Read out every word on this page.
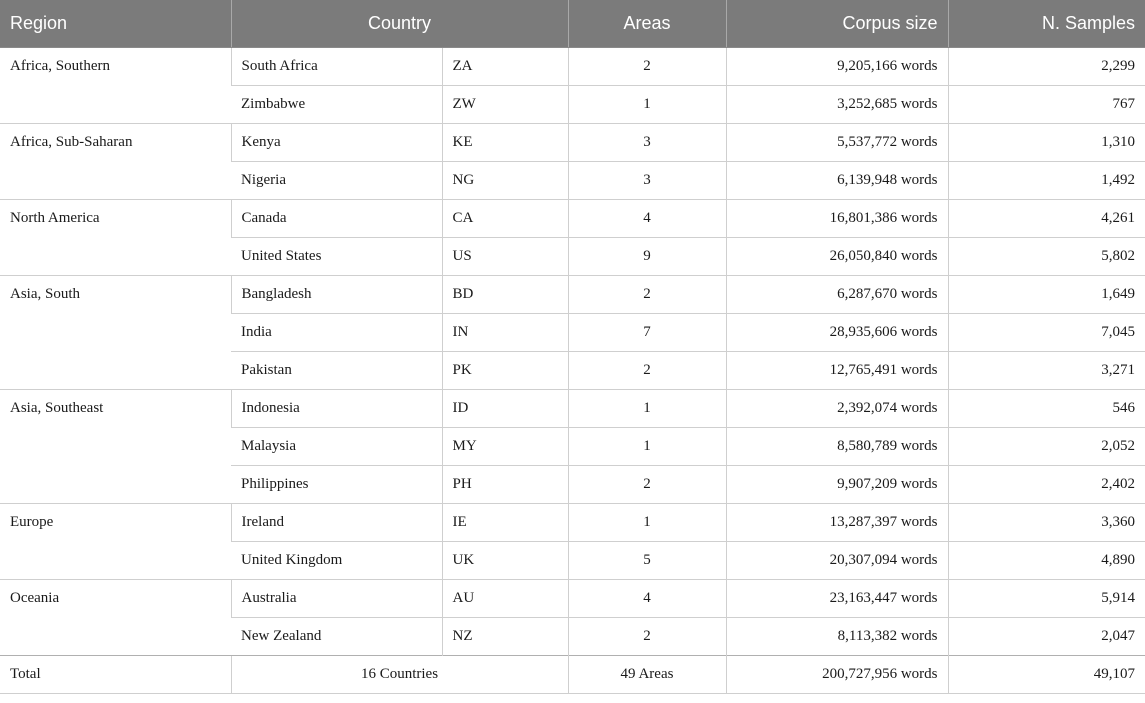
Region	Country		Areas	Corpus size	N. Samples
Africa, Southern	South Africa	ZA	2	9,205,166 words	2,299
	Zimbabwe	ZW	1	3,252,685 words	767
Africa, Sub-Saharan	Kenya	KE	3	5,537,772 words	1,310
	Nigeria	NG	3	6,139,948 words	1,492
North America	Canada	CA	4	16,801,386 words	4,261
	United States	US	9	26,050,840 words	5,802
Asia, South	Bangladesh	BD	2	6,287,670 words	1,649
	India	IN	7	28,935,606 words	7,045
	Pakistan	PK	2	12,765,491 words	3,271
Asia, Southeast	Indonesia	ID	1	2,392,074 words	546
	Malaysia	MY	1	8,580,789 words	2,052
	Philippines	PH	2	9,907,209 words	2,402
Europe	Ireland	IE	1	13,287,397 words	3,360
	United Kingdom	UK	5	20,307,094 words	4,890
Oceania	Australia	AU	4	23,163,447 words	5,914
	New Zealand	NZ	2	8,113,382 words	2,047
Total	16 Countries		49 Areas	200,727,956 words	49,107
